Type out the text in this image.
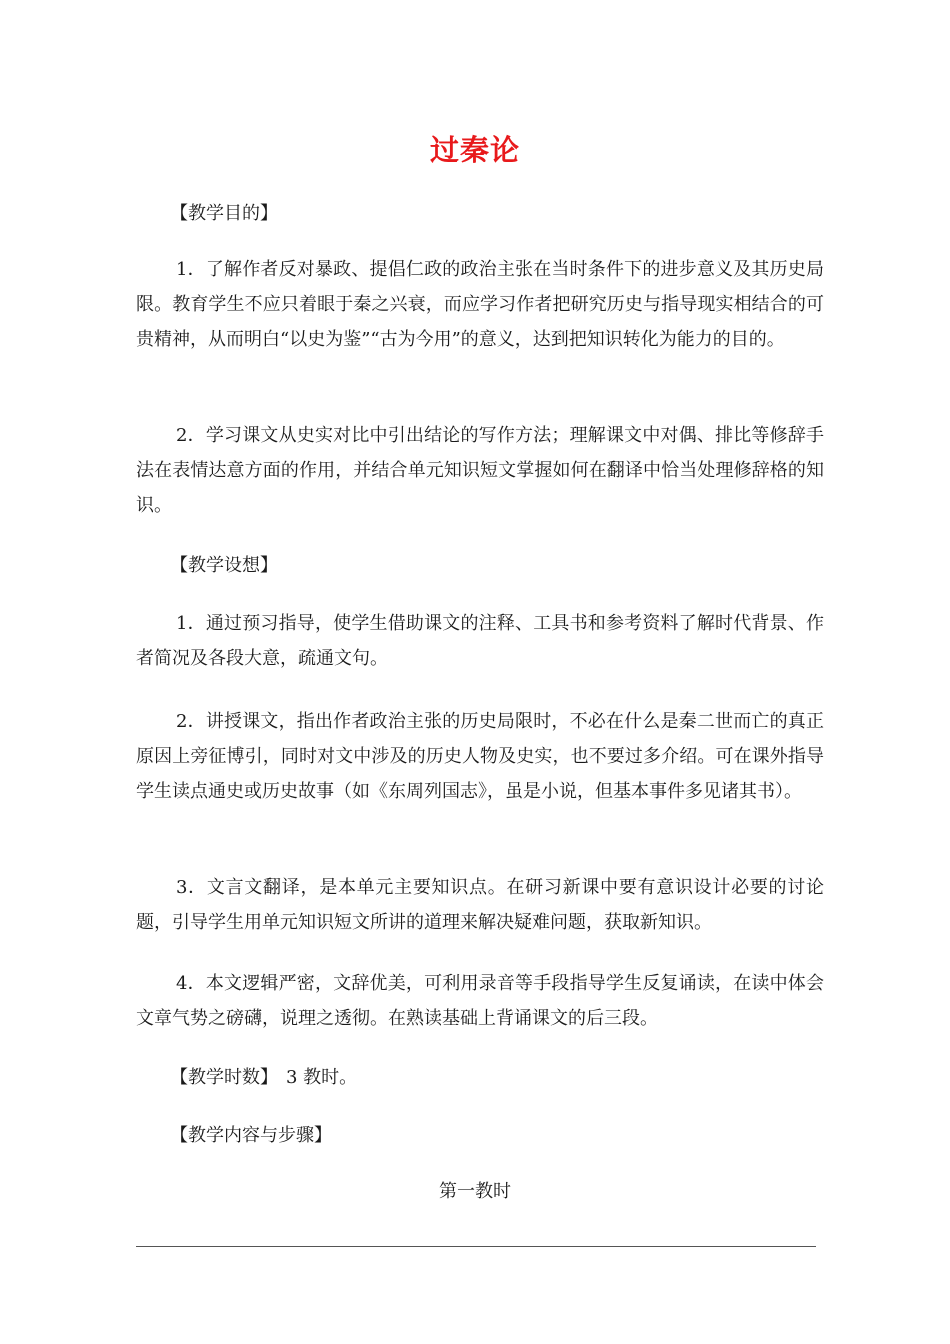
过秦论
【教学目的】
1．了解作者反对暴政、提倡仁政的政治主张在当时条件下的进步意义及其历史局限。教育学生不应只着眼于秦之兴衰，而应学习作者把研究历史与指导现实相结合的可贵精神，从而明白“以史为鉴”“古为今用”的意义，达到把知识转化为能力的目的。
2．学习课文从史实对比中引出结论的写作方法；理解课文中对偶、排比等修辞手法在表情达意方面的作用，并结合单元知识短文掌握如何在翻译中恰当处理修辞格的知识。
【教学设想】
1．通过预习指导，使学生借助课文的注释、工具书和参考资料了解时代背景、作者简况及各段大意，疏通文句。
2．讲授课文，指出作者政治主张的历史局限时，不必在什么是秦二世而亡的真正原因上旁征博引，同时对文中涉及的历史人物及史实，也不要过多介绍。可在课外指导学生读点通史或历史故事（如《东周列国志》，虽是小说，但基本事件多见诸其书）。
3．文言文翻译，是本单元主要知识点。在研习新课中要有意识设计必要的讨论题，引导学生用单元知识短文所讲的道理来解决疑难问题，获取新知识。
4．本文逻辑严密，文辞优美，可利用录音等手段指导学生反复诵读，在读中体会文章气势之磅礴，说理之透彻。在熟读基础上背诵课文的后三段。
【教学时数】 3 教时。
【教学内容与步骤】
第一教时
